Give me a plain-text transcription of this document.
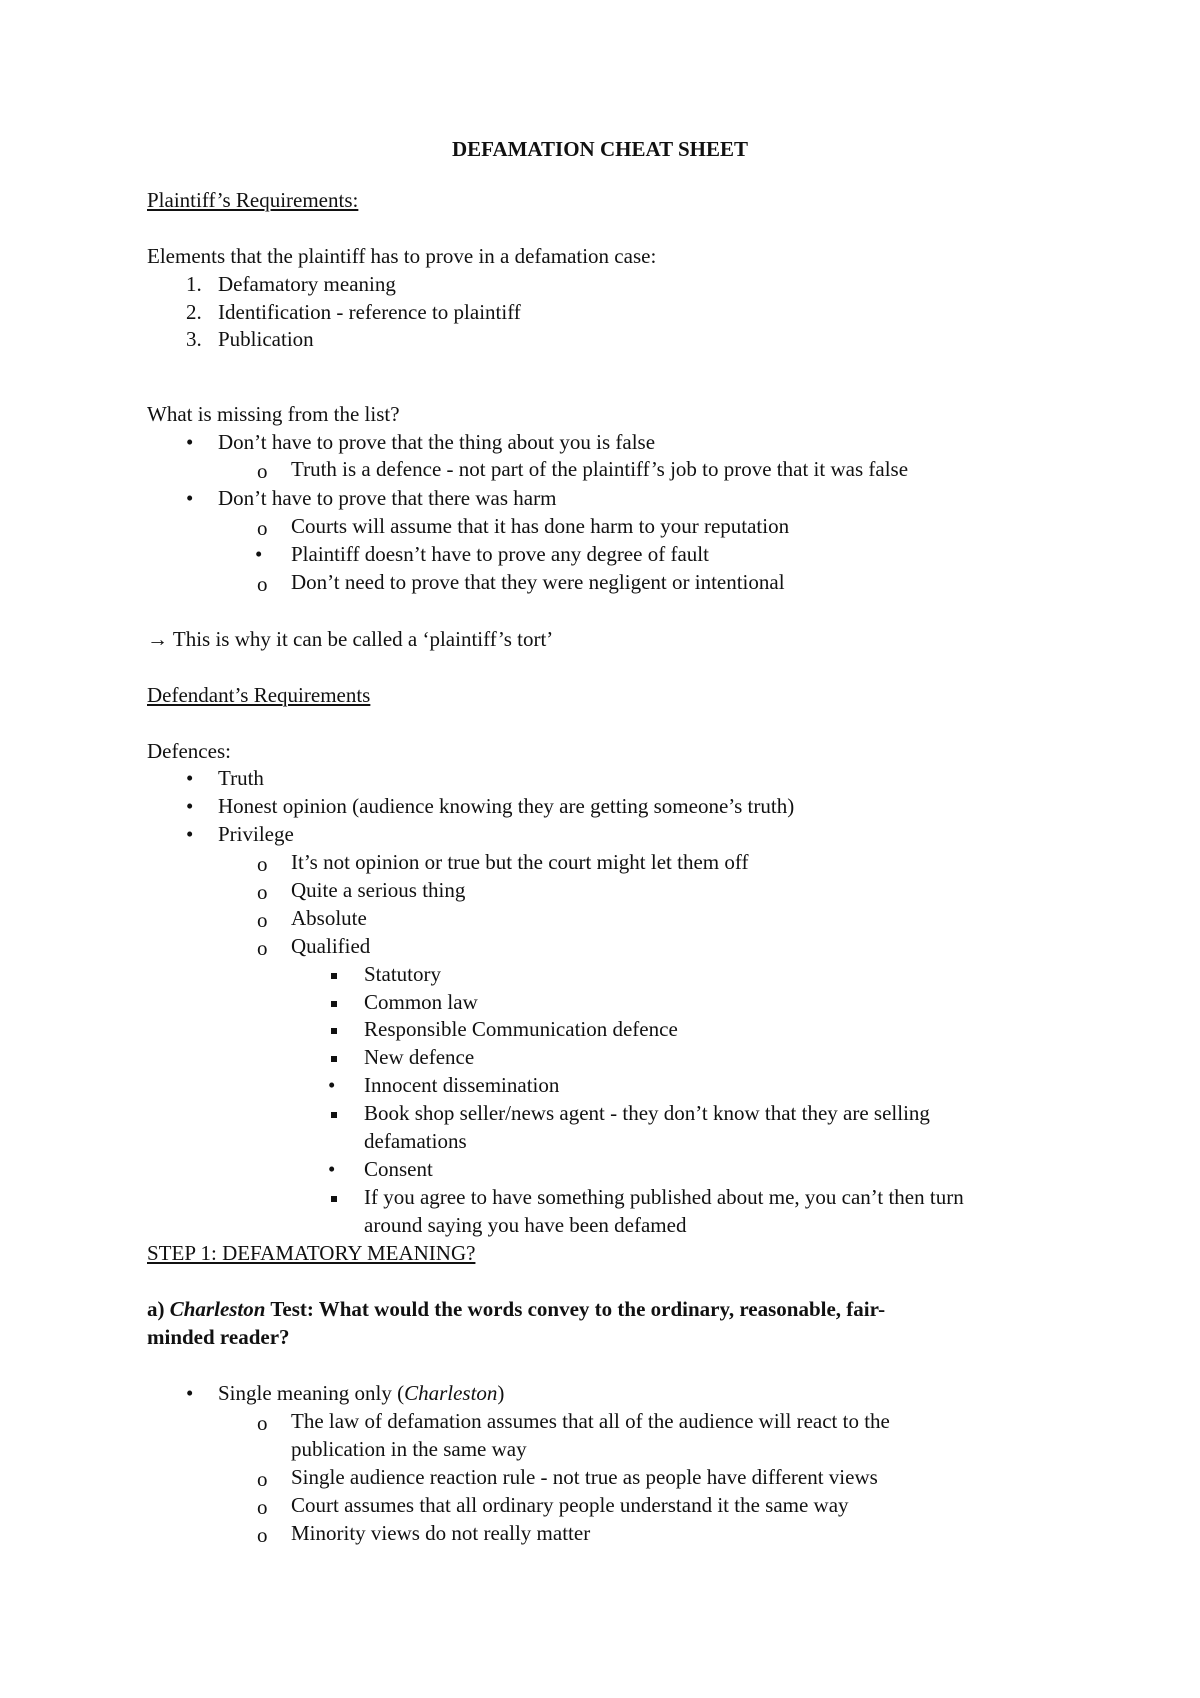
DEFAMATION CHEAT SHEET
Plaintiff’s Requirements:
Elements that the plaintiff has to prove in a defamation case:
1. Defamatory meaning
2. Identification - reference to plaintiff
3. Publication
What is missing from the list?
• Don’t have to prove that the thing about you is false
o Truth is a defence - not part of the plaintiff’s job to prove that it was false
• Don’t have to prove that there was harm
o Courts will assume that it has done harm to your reputation
• Plaintiff doesn’t have to prove any degree of fault
o Don’t need to prove that they were negligent or intentional
→ This is why it can be called a ‘plaintiff’s tort’
Defendant’s Requirements
Defences:
• Truth
• Honest opinion (audience knowing they are getting someone’s truth)
• Privilege
o It’s not opinion or true but the court might let them off
o Quite a serious thing
o Absolute
o Qualified
Statutory
Common law
Responsible Communication defence
New defence
• Innocent dissemination
Book shop seller/news agent - they don’t know that they are selling
defamations
• Consent
If you agree to have something published about me, you can’t then turn
around saying you have been defamed
STEP 1: DEFAMATORY MEANING?
a) Charleston Test: What would the words convey to the ordinary, reasonable, fair-
minded reader?
• Single meaning only (Charleston)
o The law of defamation assumes that all of the audience will react to the
publication in the same way
o Single audience reaction rule - not true as people have different views
o Court assumes that all ordinary people understand it the same way
o Minority views do not really matter
